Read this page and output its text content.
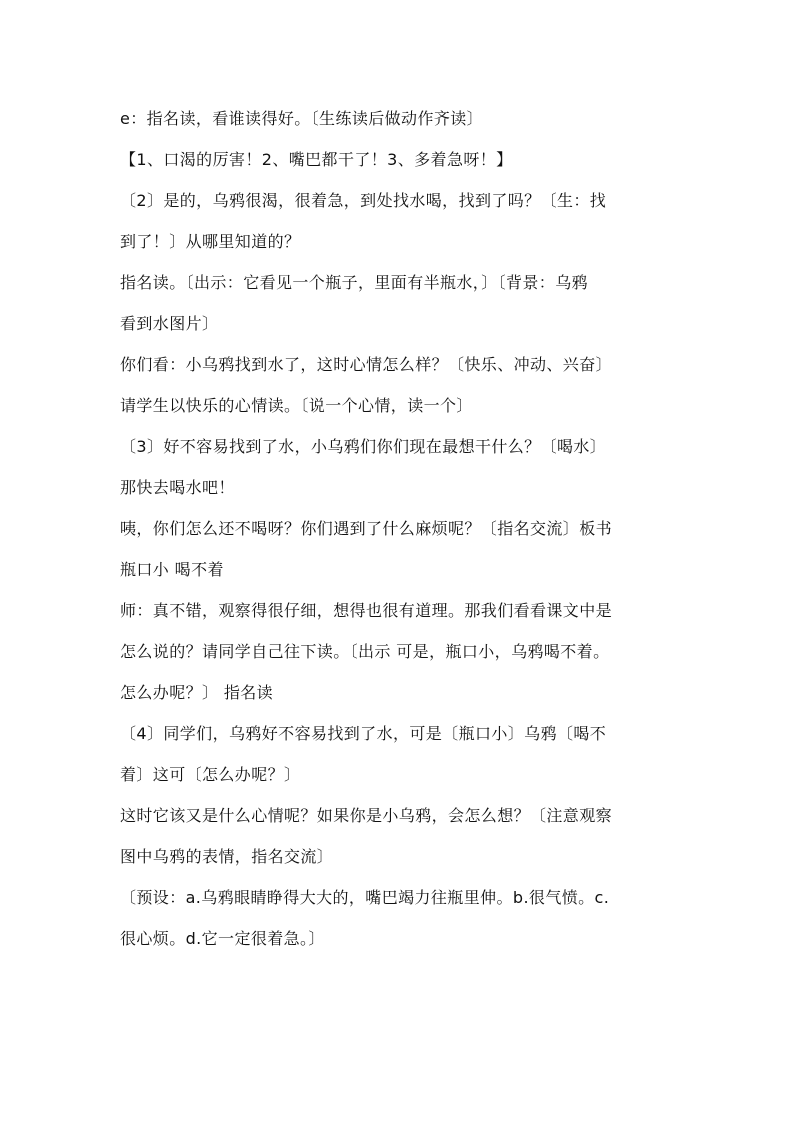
e：指名读，看谁读得好。〔生练读后做动作齐读〕
【1、口渴的厉害！2、嘴巴都干了！3、多着急呀！】
〔2〕是的，乌鸦很渴，很着急，到处找水喝，找到了吗？〔生：找
到了！〕从哪里知道的？
指名读。〔出示：它看见一个瓶子，里面有半瓶水，〕〔背景：乌鸦
看到水图片〕
你们看：小乌鸦找到水了，这时心情怎么样？〔快乐、冲动、兴奋〕
请学生以快乐的心情读。〔说一个心情，读一个〕
〔3〕好不容易找到了水，小乌鸦们你们现在最想干什么？〔喝水〕
那快去喝水吧！
咦，你们怎么还不喝呀？你们遇到了什么麻烦呢？〔指名交流〕板书
瓶口小 喝不着
师：真不错，观察得很仔细，想得也很有道理。那我们看看课文中是
怎么说的？请同学自己往下读。〔出示 可是，瓶口小，乌鸦喝不着。
怎么办呢？〕 指名读
〔4〕同学们，乌鸦好不容易找到了水，可是〔瓶口小〕乌鸦〔喝不
着〕这可〔怎么办呢？〕
这时它该又是什么心情呢？如果你是小乌鸦，会怎么想？〔注意观察
图中乌鸦的表情，指名交流〕
〔预设：a.乌鸦眼睛睁得大大的，嘴巴竭力往瓶里伸。b.很气愤。c.
很心烦。d.它一定很着急。〕
